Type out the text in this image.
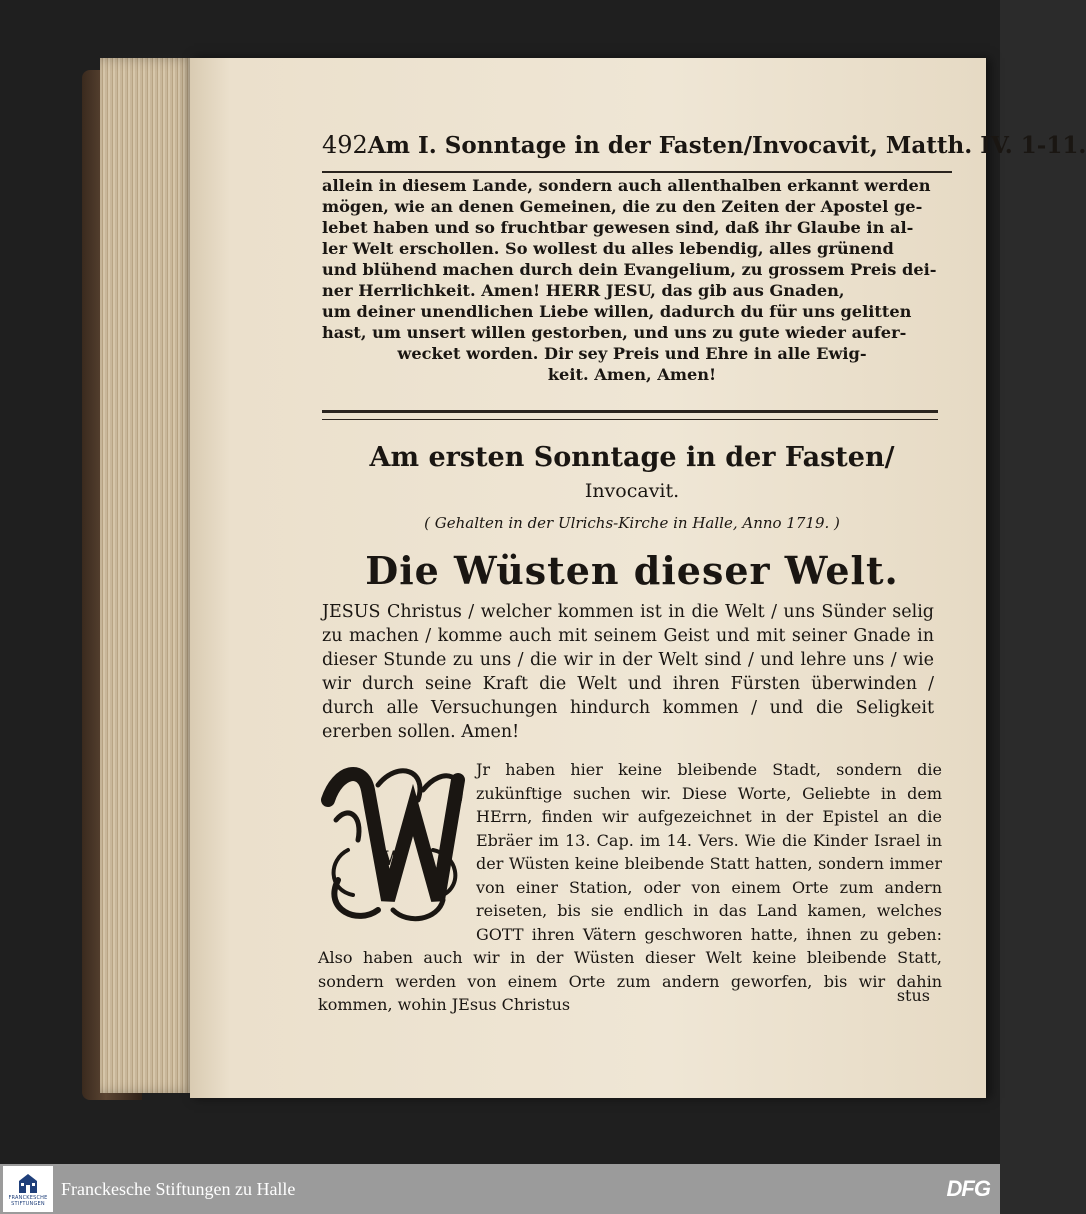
492 Am I. Sonntage in der Fasten/Invocavit, Matth. IV. 1-11.

allein in diesem Lande, sondern auch allenthalben erkannt werden

mögen, wie an denen Gemeinen, die zu den Zeiten der Apostel ge-

lebet haben und so fruchtbar gewesen sind, daß ihr Glaube in al-

ler Welt erschollen. So wollest du alles lebendig, alles grünend

und blühend machen durch dein Evangelium, zu grossem Preis dei-

ner Herrlichkeit. Amen! HERR JESU, das gib aus Gnaden,

um deiner unendlichen Liebe willen, dadurch du für uns gelitten

hast, um unsert willen gestorben, und uns zu gute wieder aufer-

wecket worden. Dir sey Preis und Ehre in alle Ewig-

keit. Amen, Amen!

Am ersten Sonntage in der Fasten/

Invocavit.

( Gehalten in der Ulrichs-Kirche in Halle, Anno 1719. )

Die Wüsten dieser Welt.

JESUS Christus / welcher kommen ist in die Welt / uns Sünder selig zu machen / komme auch mit seinem Geist und mit seiner Gnade in dieser Stunde zu uns / die wir in der Welt sind / und lehre uns / wie wir durch seine Kraft die Welt und ihren Fürsten überwinden / durch alle Versuchungen hindurch kommen / und die Seligkeit ererben sollen. Amen!
W
Jr haben hier keine bleibende Stadt, sondern die zukünftige suchen wir. Diese Worte, Geliebte in dem HErrn, finden wir aufgezeichnet in der Epistel an die Ebräer im 13. Cap. im 14. Vers. Wie die Kinder Israel in der Wüsten keine bleibende Statt hatten, sondern immer von einer Station, oder von einem Orte zum andern reiseten, bis sie endlich in das Land kamen, welches GOTT ihren Vätern geschworen hatte, ihnen zu geben: Also haben auch wir in der Wüsten dieser Welt keine bleibende Statt, sondern werden von einem Orte zum andern geworfen, bis wir dahin kommen, wohin JEsus Christus	stus
FRANCKESCHE STIFTUNGEN
Franckesche Stiftungen zu Halle	DFG
